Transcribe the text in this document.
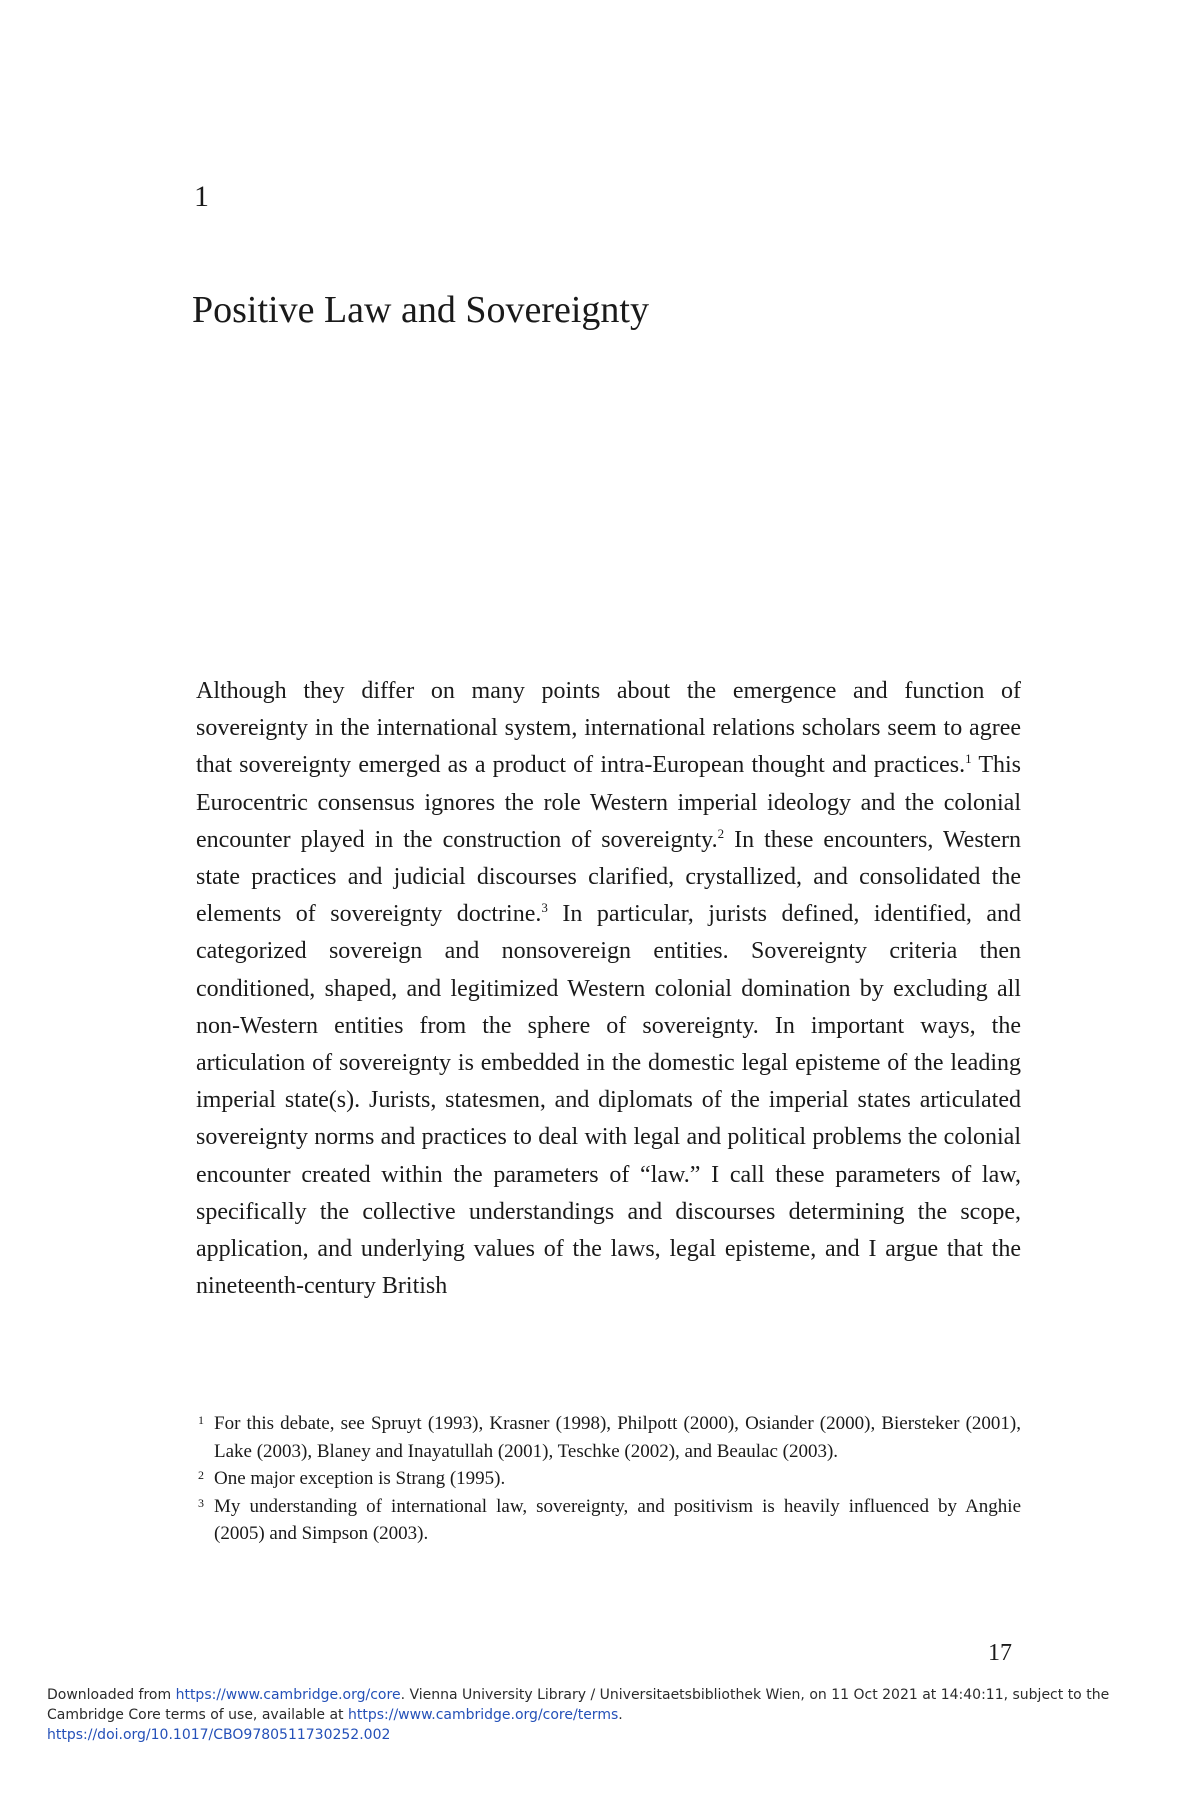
1
Positive Law and Sovereignty

Although they differ on many points about the emergence and function of sovereignty in the international system, international relations scholars seem to agree that sovereignty emerged as a product of intra-European thought and practices.$^1$ This Eurocentric consensus ignores the role Western imperial ideology and the colonial encounter played in the construction of sovereignty.$^2$ In these encounters, Western state practices and judicial discourses clarified, crystallized, and consolidated the elements of sovereignty doctrine.$^3$ In particular, jurists defined, identified, and categorized sovereign and nonsovereign entities. Sovereignty criteria then conditioned, shaped, and legitimized Western colonial domination by excluding all non-Western entities from the sphere of sovereignty. In important ways, the articulation of sovereignty is embedded in the domestic legal episteme of the leading imperial state(s). Jurists, statesmen, and diplomats of the imperial states articulated sovereignty norms and practices to deal with legal and political problems the colonial encounter created within the parameters of “law.” I call these parameters of law, specifically the collective understandings and discourses determining the scope, application, and underlying values of the laws, legal episteme, and I argue that the nineteenth-century British

1 For this debate, see Spruyt (1993), Krasner (1998), Philpott (2000), Osiander (2000), Biersteker (2001), Lake (2003), Blaney and Inayatullah (2001), Teschke (2002), and Beaulac (2003).
2 One major exception is Strang (1995).
3 My understanding of international law, sovereignty, and positivism is heavily influenced by Anghie (2005) and Simpson (2003).
17
Downloaded from https://www.cambridge.org/core. Vienna University Library / Universitaetsbibliothek Wien, on 11 Oct 2021 at 14:40:11, subject to the Cambridge Core terms of use, available at https://www.cambridge.org/core/terms.
https://doi.org/10.1017/CBO9780511730252.002
